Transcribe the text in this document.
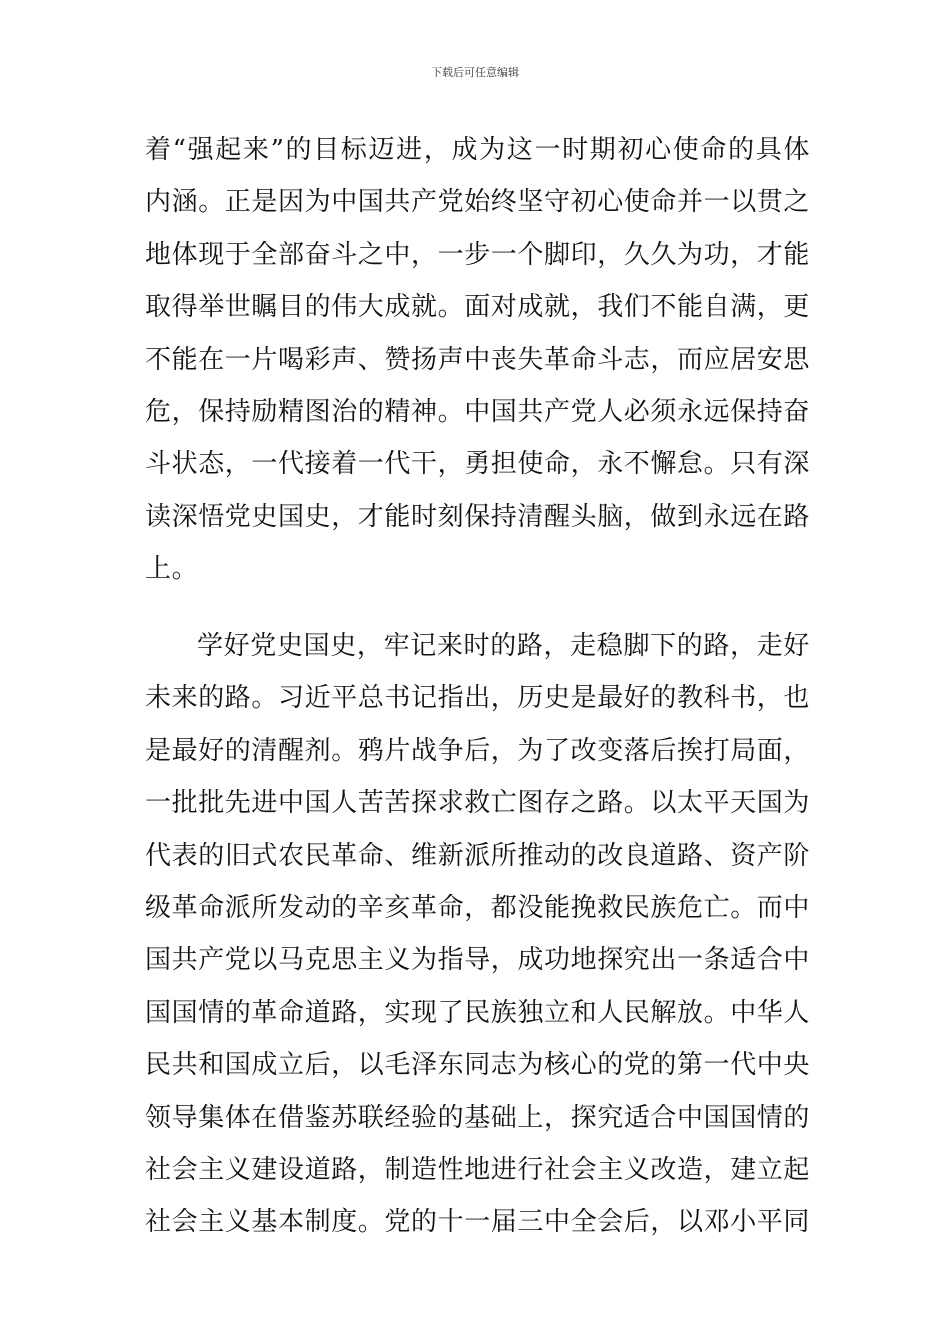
下载后可任意编辑
着“强起来”的目标迈进，成为这一时期初心使命的具体
内涵。正是因为中国共产党始终坚守初心使命并一以贯之
地体现于全部奋斗之中，一步一个脚印，久久为功，才能
取得举世瞩目的伟大成就。面对成就，我们不能自满，更
不能在一片喝彩声、赞扬声中丧失革命斗志，而应居安思
危，保持励精图治的精神。中国共产党人必须永远保持奋
斗状态，一代接着一代干，勇担使命，永不懈怠。只有深
读深悟党史国史，才能时刻保持清醒头脑，做到永远在路
上。
学好党史国史，牢记来时的路，走稳脚下的路，走好
未来的路。习近平总书记指出，历史是最好的教科书，也
是最好的清醒剂。鸦片战争后，为了改变落后挨打局面，
一批批先进中国人苦苦探求救亡图存之路。以太平天国为
代表的旧式农民革命、维新派所推动的改良道路、资产阶
级革命派所发动的辛亥革命，都没能挽救民族危亡。而中
国共产党以马克思主义为指导，成功地探究出一条适合中
国国情的革命道路，实现了民族独立和人民解放。中华人
民共和国成立后，以毛泽东同志为核心的党的第一代中央
领导集体在借鉴苏联经验的基础上，探究适合中国国情的
社会主义建设道路，制造性地进行社会主义改造，建立起
社会主义基本制度。党的十一届三中全会后，以邓小平同
